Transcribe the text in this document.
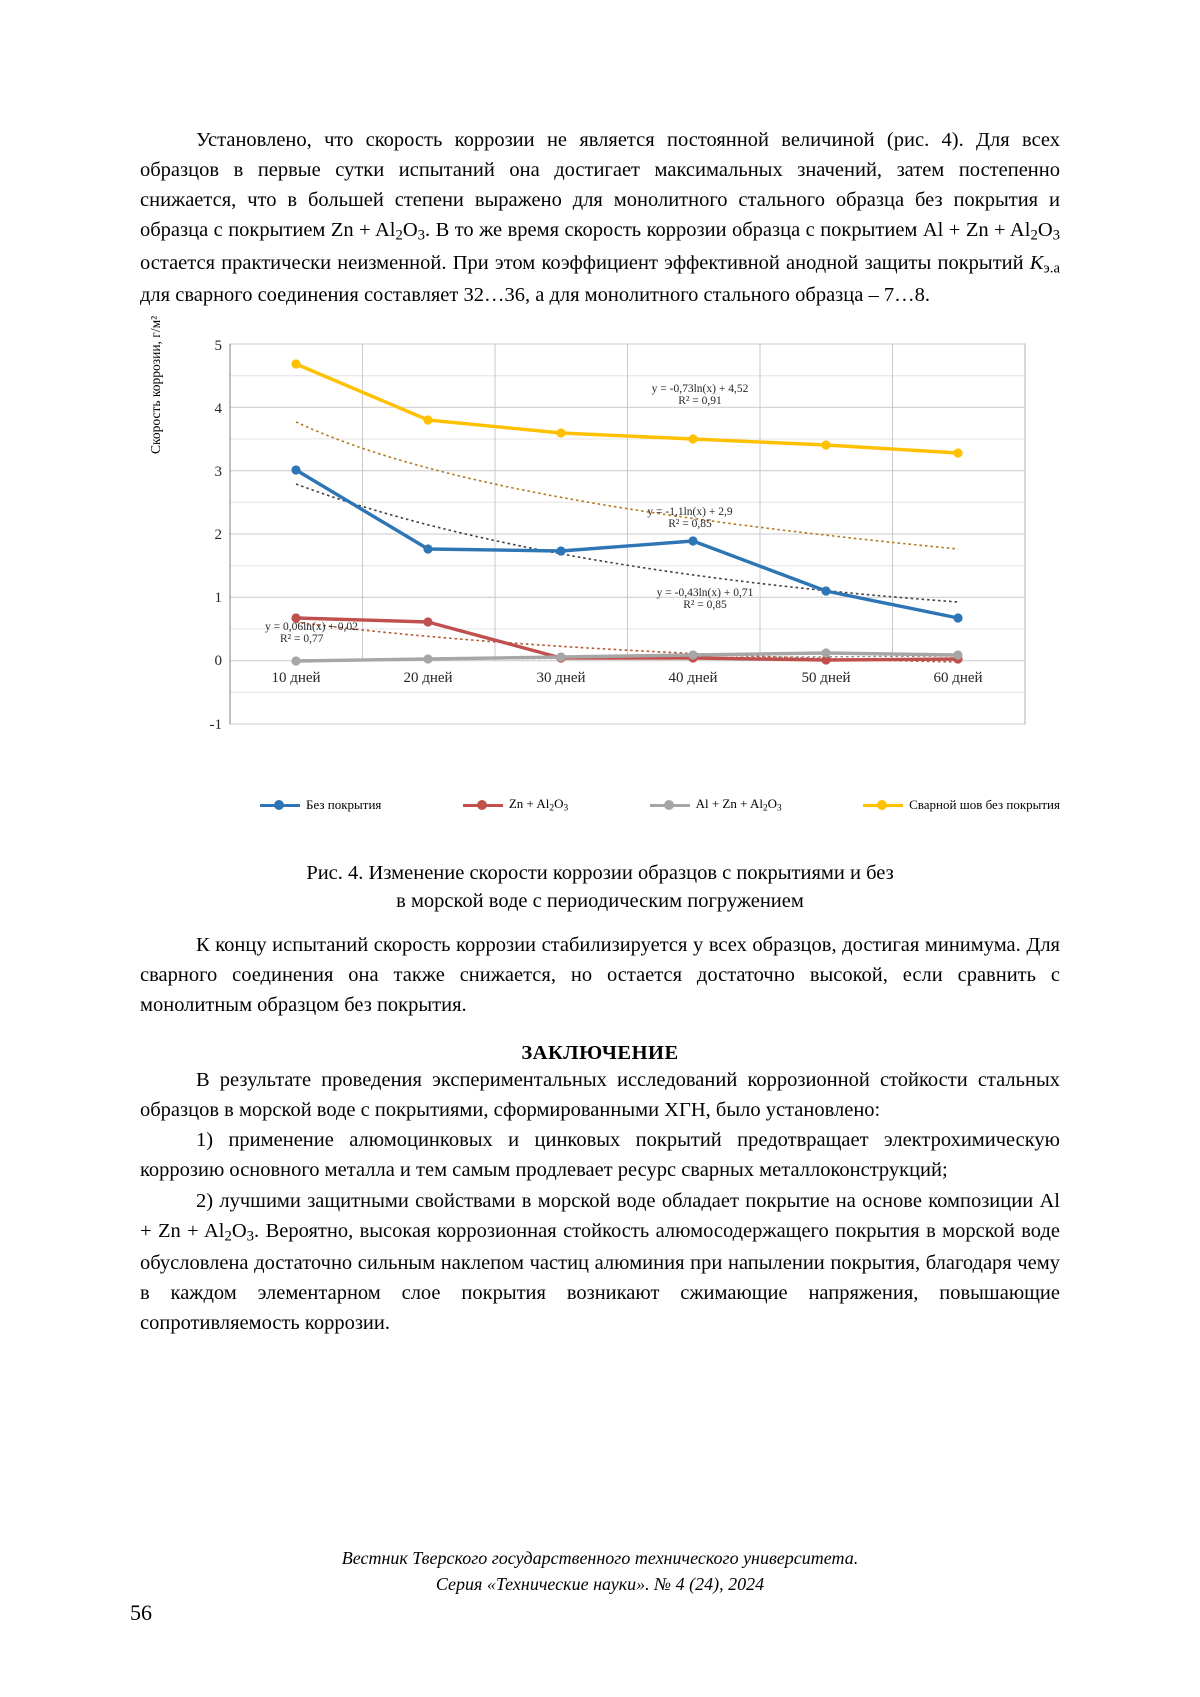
Установлено, что скорость коррозии не является постоянной величиной (рис. 4). Для всех образцов в первые сутки испытаний она достигает максимальных значений, затем постепенно снижается, что в большей степени выражено для монолитного стального образца без покрытия и образца с покрытием $Zn + Al_2O_3$. В то же время скорость коррозии образца с покрытием $Al + Zn + Al_2O_3$ остается практически неизменной. При этом коэффициент эффективной анодной защиты покрытий $К_{э.а}$ для сварного соединения составляет 32…36, а для монолитного стального образца – 7…8.

Скорость коррозии, г/м²	5
4
3
2
1
0
-1
10 дней	20 дней	30 дней	40 дней	50 дней	60 дней
y = -0,73ln(x) + 4,52
R² = 0,91
y = -1,1ln(x) + 2,9
R² = 0,85
y = -0,43ln(x) + 0,71
R² = 0,85
y = 0,06ln(x) + 0,02
R² = 0,77
Без покрытия	$Zn + Al_2O_3$	$Al + Zn + Al_2O_3$	Сварной шов без покрытия
Рис. 4. Изменение скорости коррозии образцов с покрытиями и без
в морской воде с периодическим погружением

К концу испытаний скорость коррозии стабилизируется у всех образцов, достигая минимума. Для сварного соединения она также снижается, но остается достаточно высокой, если сравнить с монолитным образцом без покрытия.

ЗАКЛЮЧЕНИЕ

В результате проведения экспериментальных исследований коррозионной стойкости стальных образцов в морской воде с покрытиями, сформированными ХГН, было установлено:

1) применение алюмоцинковых и цинковых покрытий предотвращает электрохимическую коррозию основного металла и тем самым продлевает ресурс сварных металлоконструкций;

2) лучшими защитными свойствами в морской воде обладает покрытие на основе композиции $Al + Zn + Al_2O_3$. Вероятно, высокая коррозионная стойкость алюмосодержащего покрытия в морской воде обусловлена достаточно сильным наклепом частиц алюминия при напылении покрытия, благодаря чему в каждом элементарном слое покрытия возникают сжимающие напряжения, повышающие сопротивляемость коррозии.

Вестник Тверского государственного технического университета.
Серия «Технические науки». № 4 (24), 2024
56
